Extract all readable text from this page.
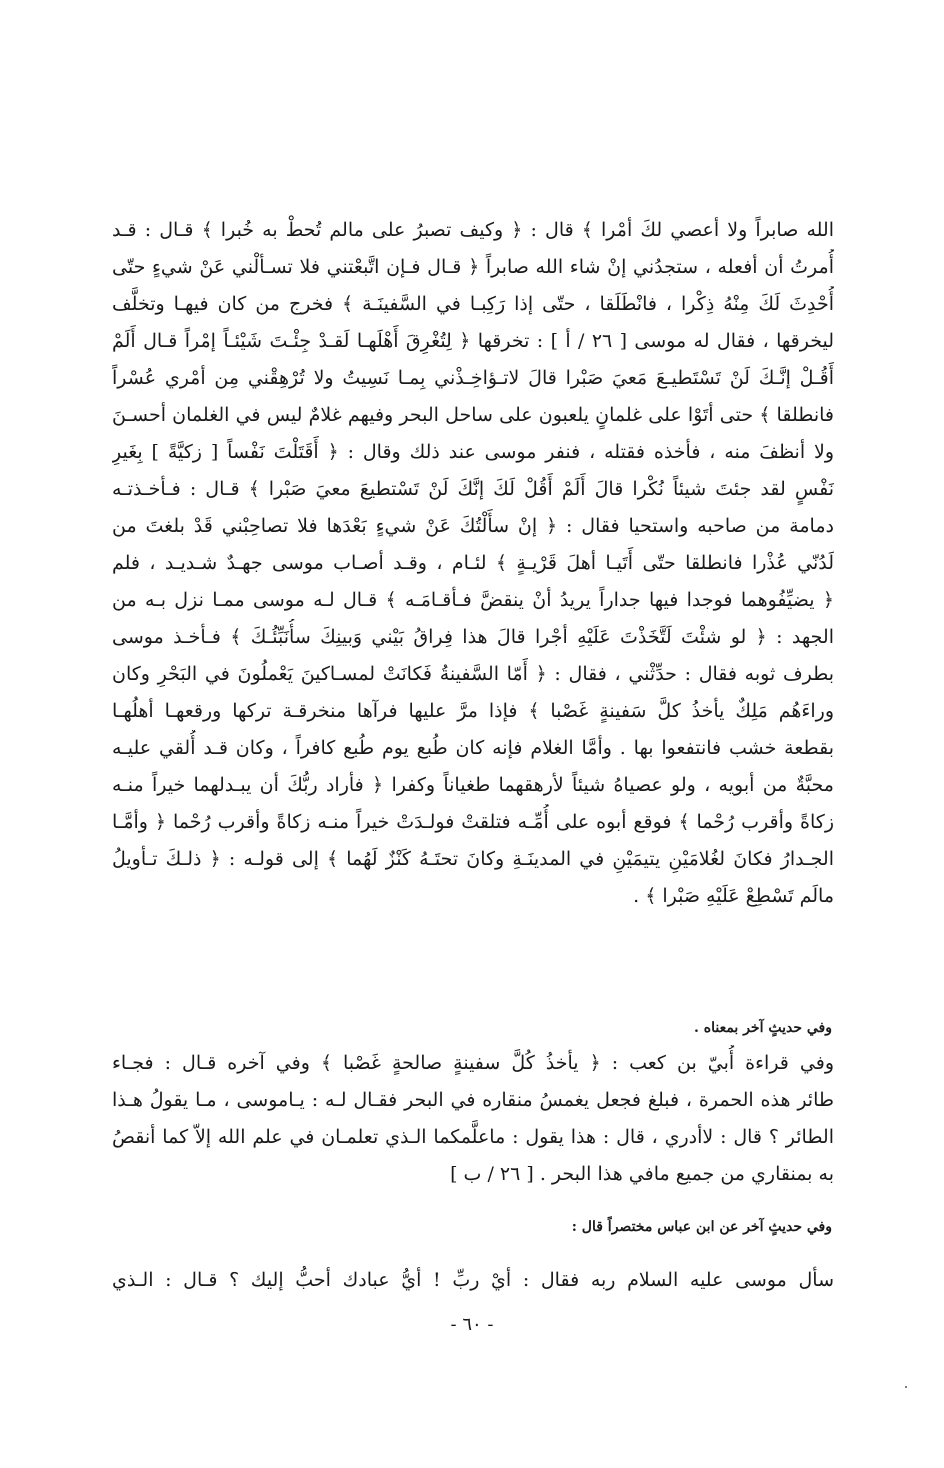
الله صابراً ولا أعصي لكَ أمْرا ﴾ قال : ﴿ وكيف تصبرُ على مالم تُحطْ به خُبرا ﴾ قـال : قـد
أُمرتُ أن أفعله ، ستجدُني إنْ شاء الله صابراً ﴿ قـال فـإن اتَّبعْتني فلا تسـألْني عَنْ شيءٍ حتّى
أُحْدِثَ لَكَ مِنْهُ ذِكْرا ، فانْطَلَقا ، حتّى إذا رَكِبـا في السَّفينَـة ﴾ فخرج من كان فيهـا وتخلَّف
ليخرقها ، فقال له موسى [ ٢٦ / أ ] : تخرقها ﴿ لِتُغْرِقَ أَهْلَهـا لَقـدْ جِئْـتَ شَيْئـاً إمْراً قـال أَلَمْ
أَقُـلْ إنَّـكَ لَنْ تَسْتَطيـعَ مَعيَ صَبْرا قالَ لاتـؤاخِـذْني بِمـا نَسِيتُ ولا تُرْهِقْني مِن أمْري عُسْراً
فانطلقا ﴾ حتى أتَوْا على غلمانٍ يلعبون على ساحل البحر وفيهم غلامٌ ليس في الغلمان أحسـنَ
ولا أنظفَ منه ، فأخذه فقتله ، فنفر موسى عند ذلك وقال : ﴿ أَقَتَلْتَ نَفْساً [ زكيَّةً ] بِغَيرِ
نَفْسٍ لقد جئتَ شيئاً نُكْرا قالَ أَلَمْ أَقُلْ لَكَ إنَّكَ لَنْ تَسْتطيعَ معيَ صَبْرا ﴾ قـال : فـأخـذتـه
دمامة من صاحبه واستحيا فقال : ﴿ إنْ سأَلْتُكَ عَنْ شيءٍ بَعْدَها فلا تصاحِبْني قَدْ بلغتَ من
لَدُنّي عُذْرا فانطلقا حتّى أَتَيـا أهلَ قَرْيـةٍ ﴾ لئـام ، وقـد أصـاب موسى جهـدٌ شـديـد ، فلم
﴿ يضيِّفُوهما فوجدا فيها جداراً يريدُ أنْ ينقضَّ فـأقـامَـه ﴾ قـال لـه موسى ممـا نزل بـه من
الجهد : ﴿ لو شئْتَ لَتَّخَذْتَ عَلَيْهِ أجْرا قالَ هذا فِراقُ بَيْني وَبينِكَ سأُنَبِّئُـكَ ﴾ فـأخـذ موسى
بطرف ثوبه فقال : حدِّثْني ، فقال : ﴿ أَمّا السَّفينةُ فَكانَتْ لمسـاكينَ يَعْملُونَ في البَحْرِ وكان
وراءَهُم مَلِكٌ يأخذُ كلَّ سَفينةٍ غَصْبا ﴾ فإذا مرَّ عليها فرآها منخرقـة تركها ورقعهـا أهلُهـا
بقطعة خشب فانتفعوا بها . وأمَّا الغلام فإنه كان طُبع يوم طُبع كافراً ، وكان قـد أُلقي عليـه
محبَّةٌ من أبويه ، ولو عصياهُ شيئاً لأرهقهما طغياناً وكفرا ﴿ فأراد ربُّكَ أن يبـدلهما خيراً منـه
زكاةً وأقرب رُحْما ﴾ فوقع أبوه على أُمِّـه فتلقتْ فولـدَتْ خيراً منـه زكاةً وأقرب رُحْما ﴿ وأمَّـا
الجـدارُ فكانَ لغُلامَيْنِ يتيمَيْنِ في المدينَـةِ وكانَ تحتَـهُ كَنْزٌ لَهُما ﴾ إلى قولـه : ﴿ ذلـكَ تـأويلُ
مالَم تَسْطِعْ عَلَيْهِ صَبْرا ﴾ .
وفي حديثٍ آخر بمعناه .
وفي قراءة أُبيّ بن كعب : ﴿ يأخذُ كُلَّ سفينةٍ صالحةٍ غَصْبا ﴾ وفي آخره قـال : فجـاء
طائر هذه الحمرة ، فبلغ فجعل يغمسُ منقاره في البحر فقـال لـه : يـاموسى ، مـا يقولُ هـذا
الطائر ؟ قال : لاأدري ، قال : هذا يقول : ماعلَّمكما الـذي تعلمـان في علم الله إلاّ كما أنقصُ
به بمنقاري من جميع مافي هذا البحر . [ ٢٦ / ب ]
وفي حديثٍ آخر عن ابن عباس مختصراً قال :
سأل موسى عليه السلام ربه فقال : أيْ ربِّ ! أيُّ عبادك أحبُّ إليك ؟ قـال : الـذي
- ٦٠ -
